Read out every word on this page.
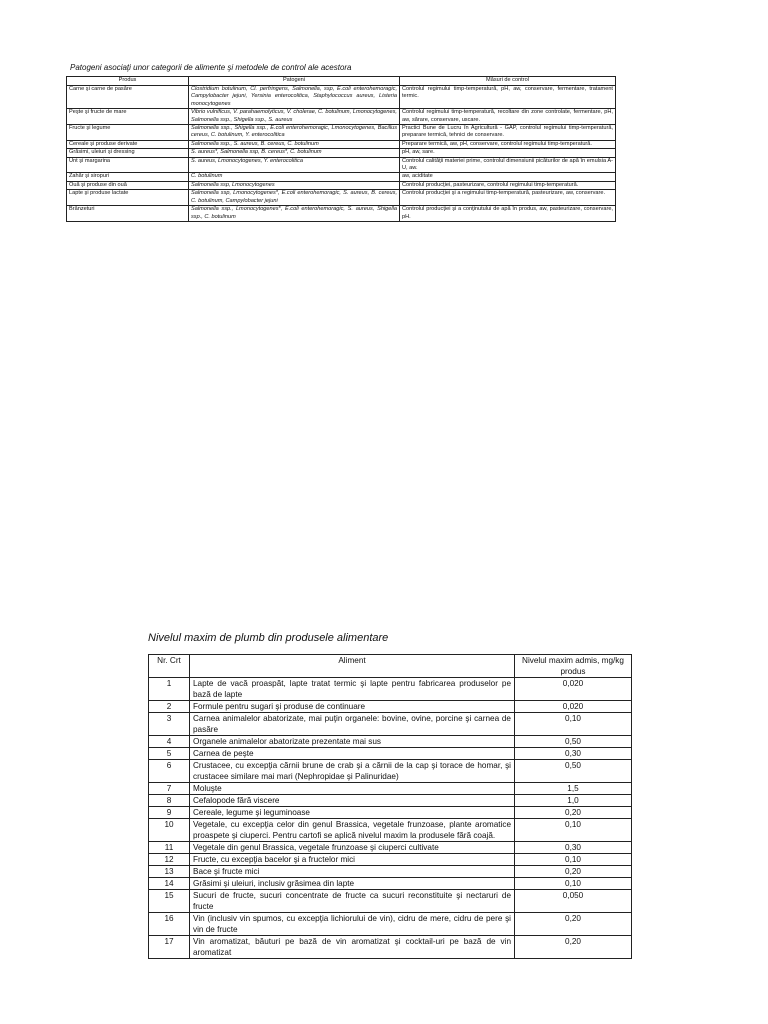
Patogeni asociaţi unor categorii de alimente şi metodele de control ale acestora
Produs	Patogeni	Măsuri de control
Carne şi carne de pasăre	Clostridium botulinum, Cl. perfringens, Salmonella, ssp, E.coli enterohemoragic, Campylobacter jejuni, Yersinia enterocolitica, Staphylococcus aureus, Listeria monocytogenes	Controlul regimului timp-temperatură, pH, aw, conservare, fermentare, tratament termic.
Peşte şi fructe de mare	Vibrio vulnificus, V. parahaemolyticus, V. cholerae, C. botulinum, Lmonocytogenes, Salmonella ssp., Shigella ssp., S. aureus	Controlul regimului timp-temperatură, recoltare din zone controlate, fermentare, pH, aw, sărare, conservare, uscare.
Fructe şi legume	Salmonella ssp., Shigella ssp., E.coli enterohemoragic, Lmonocytogenes, Bacillus cereus, C. botulinum, Y. enterocolitica	Practici Bune de Lucru în Agricultură - GAP, controlul regimului timp-temperatură, preparare termică, tehnici de conservare.
Cereale şi produse derivate	Salmonella ssp., S. aureus, B. cereus, C. botulinum	Preparare termică, aw, pH, conservare, controlul regimului timp-temperatură.
Grăsimi, uleiuri şi dressing	S. aureus*, Salmonella ssp, B. cereus*, C. botulinum	pH, aw, sare.
Unt şi margarina	S. aureus, Lmonocytogenes, Y. enterocolitica	Controlul calităţii materiei prime, controlul dimensiunii picăturilor de apă în emulsia A-U, aw.
Zahăr şi siropuri	C. botulinum	aw, aciditate
Ouă şi produse din ouă	Salmonella ssp, Lmonocytogenes	Controlul producţiei, pasteurizare, controlul regimului timp-temperatură.
Lapte şi produse lactate	Salmonella ssp, Lmonocytogenes*, E.coli enterohemoragic, S. aureus, B. cereus, C. botulinum, Campylobacter jejuni	Controlul producţiei şi a regimului timp-temperatură, pasteurizare, aw, conservare.
Brânzeturi	Salmonella ssp., Lmonocytogenes*, E.coli enterohemoragic, S. aureus, Shigella ssp., C. botulinum	Controlul producţiei şi a conţinutului de apă în produs, aw, pasteurizare, conservare, pH.
Nivelul maxim de plumb din produsele alimentare
Nr. Crt	Aliment	Nivelul maxim admis, mg/kg produs
1	Lapte de vacă proaspăt, lapte tratat termic şi lapte pentru fabricarea produselor pe bază de lapte	0,020
2	Formule pentru sugari şi produse de continuare	0,020
3	Carnea animalelor abatorizate, mai puţin organele: bovine, ovine, porcine şi carnea de pasăre	0,10
4	Organele animalelor abatorizate prezentate mai sus	0,50
5	Carnea de peşte	0,30
6	Crustacee, cu excepţia cărnii brune de crab şi a cărnii de la cap şi torace de homar, şi crustacee similare mai mari (Nephropidae şi Palinuridae)	0,50
7	Moluşte	1,5
8	Cefalopode fără viscere	1,0
9	Cereale, legume şi leguminoase	0,20
10	Vegetale, cu excepţia celor din genul Brassica, vegetale frunzoase, plante aromatice proaspete şi ciuperci. Pentru cartofi se aplică nivelul maxim la produsele fără coajă.	0,10
11	Vegetale din genul Brassica, vegetale frunzoase şi ciuperci cultivate	0,30
12	Fructe, cu excepţia bacelor şi a fructelor mici	0,10
13	Bace şi fructe mici	0,20
14	Grăsimi şi uleiuri, inclusiv grăsimea din lapte	0,10
15	Sucuri de fructe, sucuri concentrate de fructe ca sucuri reconstituite şi nectaruri de fructe	0,050
16	Vin (inclusiv vin spumos, cu excepţia lichiorului de vin), cidru de mere, cidru de pere şi vin de fructe	0,20
17	Vin aromatizat, băuturi pe bază de vin aromatizat şi cocktail-uri pe bază de vin aromatizat	0,20
